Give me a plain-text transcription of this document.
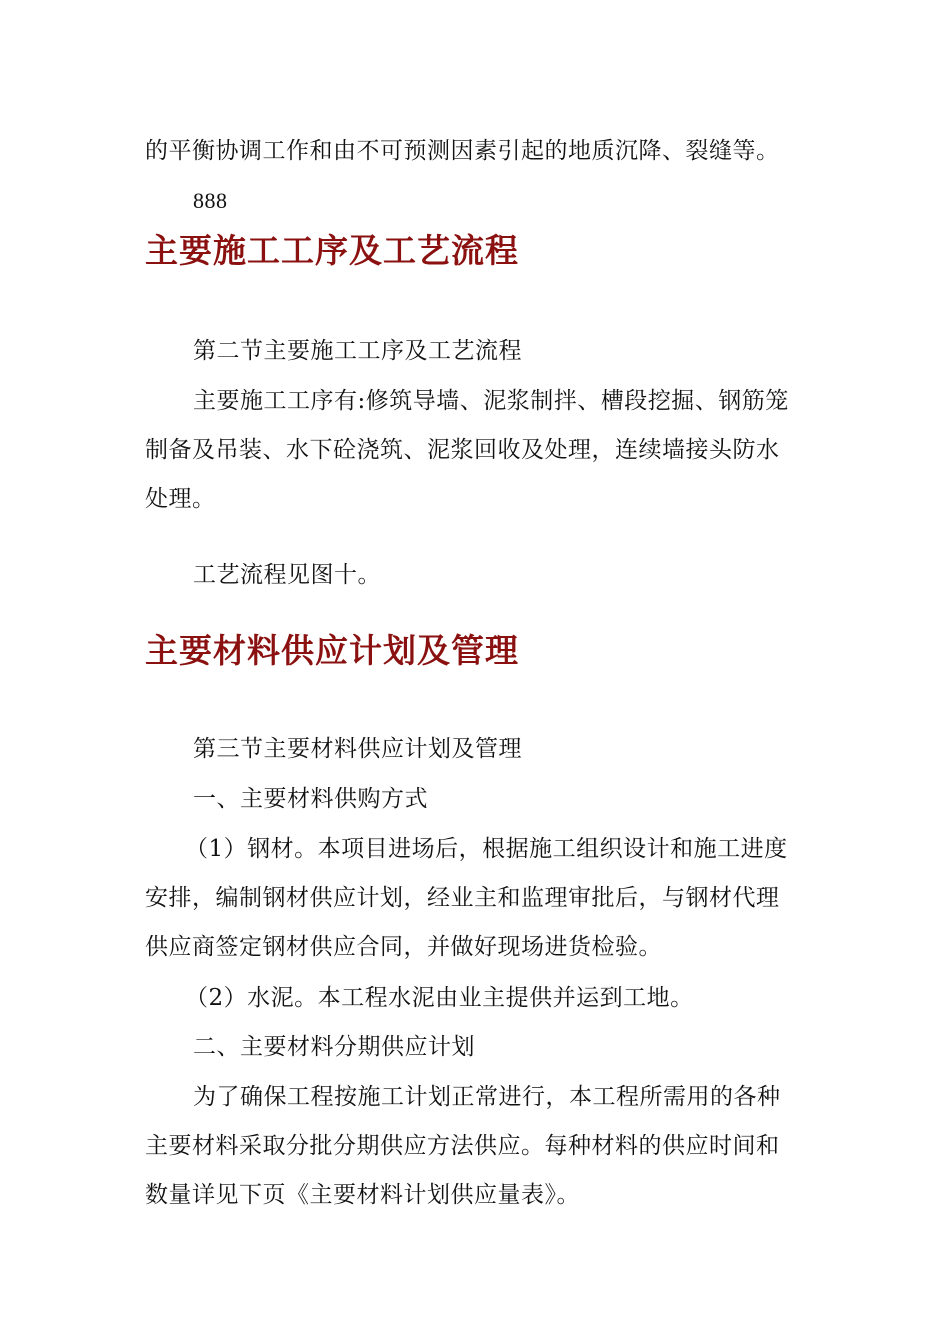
的平衡协调工作和由不可预测因素引起的地质沉降、裂缝等。
888
主要施工工序及工艺流程
第二节主要施工工序及工艺流程
主要施工工序有:修筑导墙、泥浆制拌、槽段挖掘、钢筋笼
制备及吊装、水下砼浇筑、泥浆回收及处理，连续墙接头防水
处理。
工艺流程见图十。
主要材料供应计划及管理
第三节主要材料供应计划及管理
一、主要材料供购方式
（1）钢材。本项目进场后，根据施工组织设计和施工进度
安排，编制钢材供应计划，经业主和监理审批后，与钢材代理
供应商签定钢材供应合同，并做好现场进货检验。
（2）水泥。本工程水泥由业主提供并运到工地。
二、主要材料分期供应计划
为了确保工程按施工计划正常进行，本工程所需用的各种
主要材料采取分批分期供应方法供应。每种材料的供应时间和
数量详见下页《主要材料计划供应量表》。
